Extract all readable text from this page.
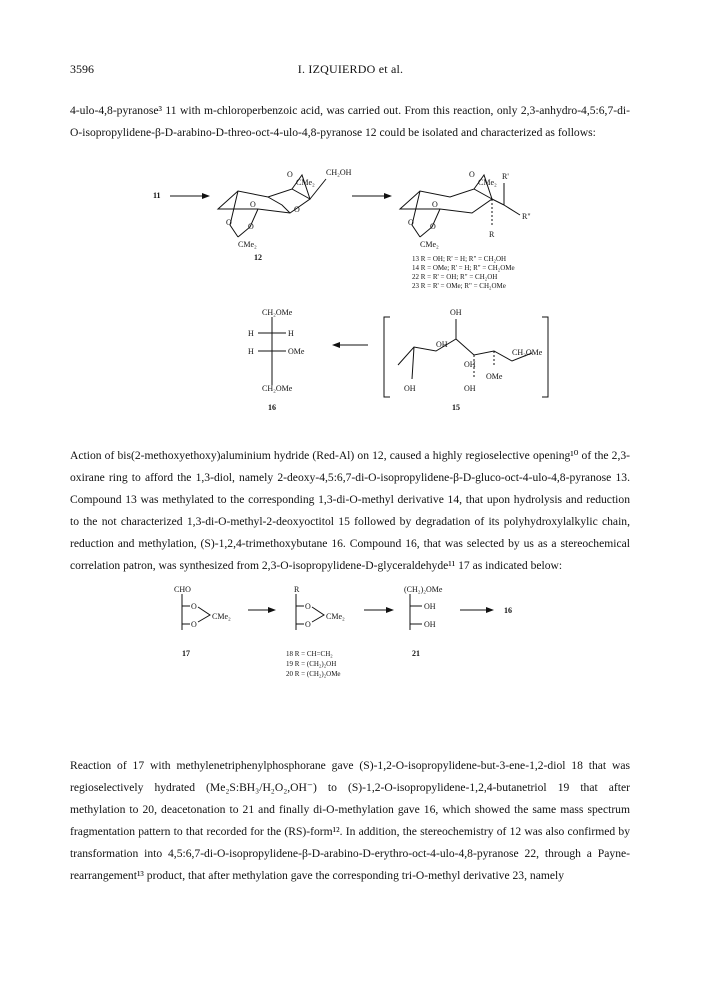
3596	I. IZQUIERDO et al.

4-ulo-4,8-pyranose³ 11 with m-chloroperbenzoic acid, was carried out. From this reaction, only 2,3-anhydro-4,5:6,7-di-O-isopropylidene-β-D-arabino-D-threo-oct-4-ulo-4,8-pyranose 12 could be isolated and characterized as follows:

11
O
O
CMe₂
O
CH₂OH
O O
CMe₂
12
O
O
CMe₂
R'
R"
R
O O
CMe₂
13 R = OH; R' = H; R" = CH₂OH
14 R = OMe; R' = H; R" = CH₂OMe
22 R = R' = OH; R" = CH₂OH
23 R = R' = OMe; R" = CH₂OMe
CH₂OMe
H	H
H	OMe
CH₂OMe
16
OH
OH
OH
OH
OH
OMe
CH₂OMe
15

Action of bis(2-methoxyethoxy)aluminium hydride (Red-Al) on 12, caused a highly regioselective opening¹⁰ of the 2,3-oxirane ring to afford the 1,3-diol, namely 2-deoxy-4,5:6,7-di-O-isopropylidene-β-D-gluco-oct-4-ulo-4,8-pyranose 13. Compound 13 was methylated to the corresponding 1,3-di-O-methyl derivative 14, that upon hydrolysis and reduction to the not characterized 1,3-di-O-methyl-2-deoxyoctitol 15 followed by degradation of its polyhydroxylalkylic chain, reduction and methylation, (S)-1,2,4-trimethoxybutane 16. Compound 16, that was selected by us as a stereochemical correlation patron, was synthesized from 2,3-O-isopropylidene-D-glyceraldehyde¹¹ 17 as indicated below:

CHO
O
O
CMe₂
17
R
O
O
CMe₂
18 R = CH=CH₂
19 R = (CH₂)₂OH
20 R = (CH₂)₂OMe
(CH₂)₂OMe
OH
OH
21
16

Reaction of 17 with methylenetriphenylphosphorane gave (S)-1,2-O-isopropylidene-but-3-ene-1,2-diol 18 that was regioselectively hydrated (Me₂S:BH₃/H₂O₂,OH⁻) to (S)-1,2-O-isopropylidene-1,2,4-butanetriol 19 that after methylation to 20, deacetonation to 21 and finally di-O-methylation gave 16, which showed the same mass spectrum fragmentation pattern to that recorded for the (RS)-form¹². In addition, the stereochemistry of 12 was also confirmed by transformation into 4,5:6,7-di-O-isopropylidene-β-D-arabino-D-erythro-oct-4-ulo-4,8-pyranose 22, through a Payne-rearrangement¹³ product, that after methylation gave the corresponding tri-O-methyl derivative 23, namely
